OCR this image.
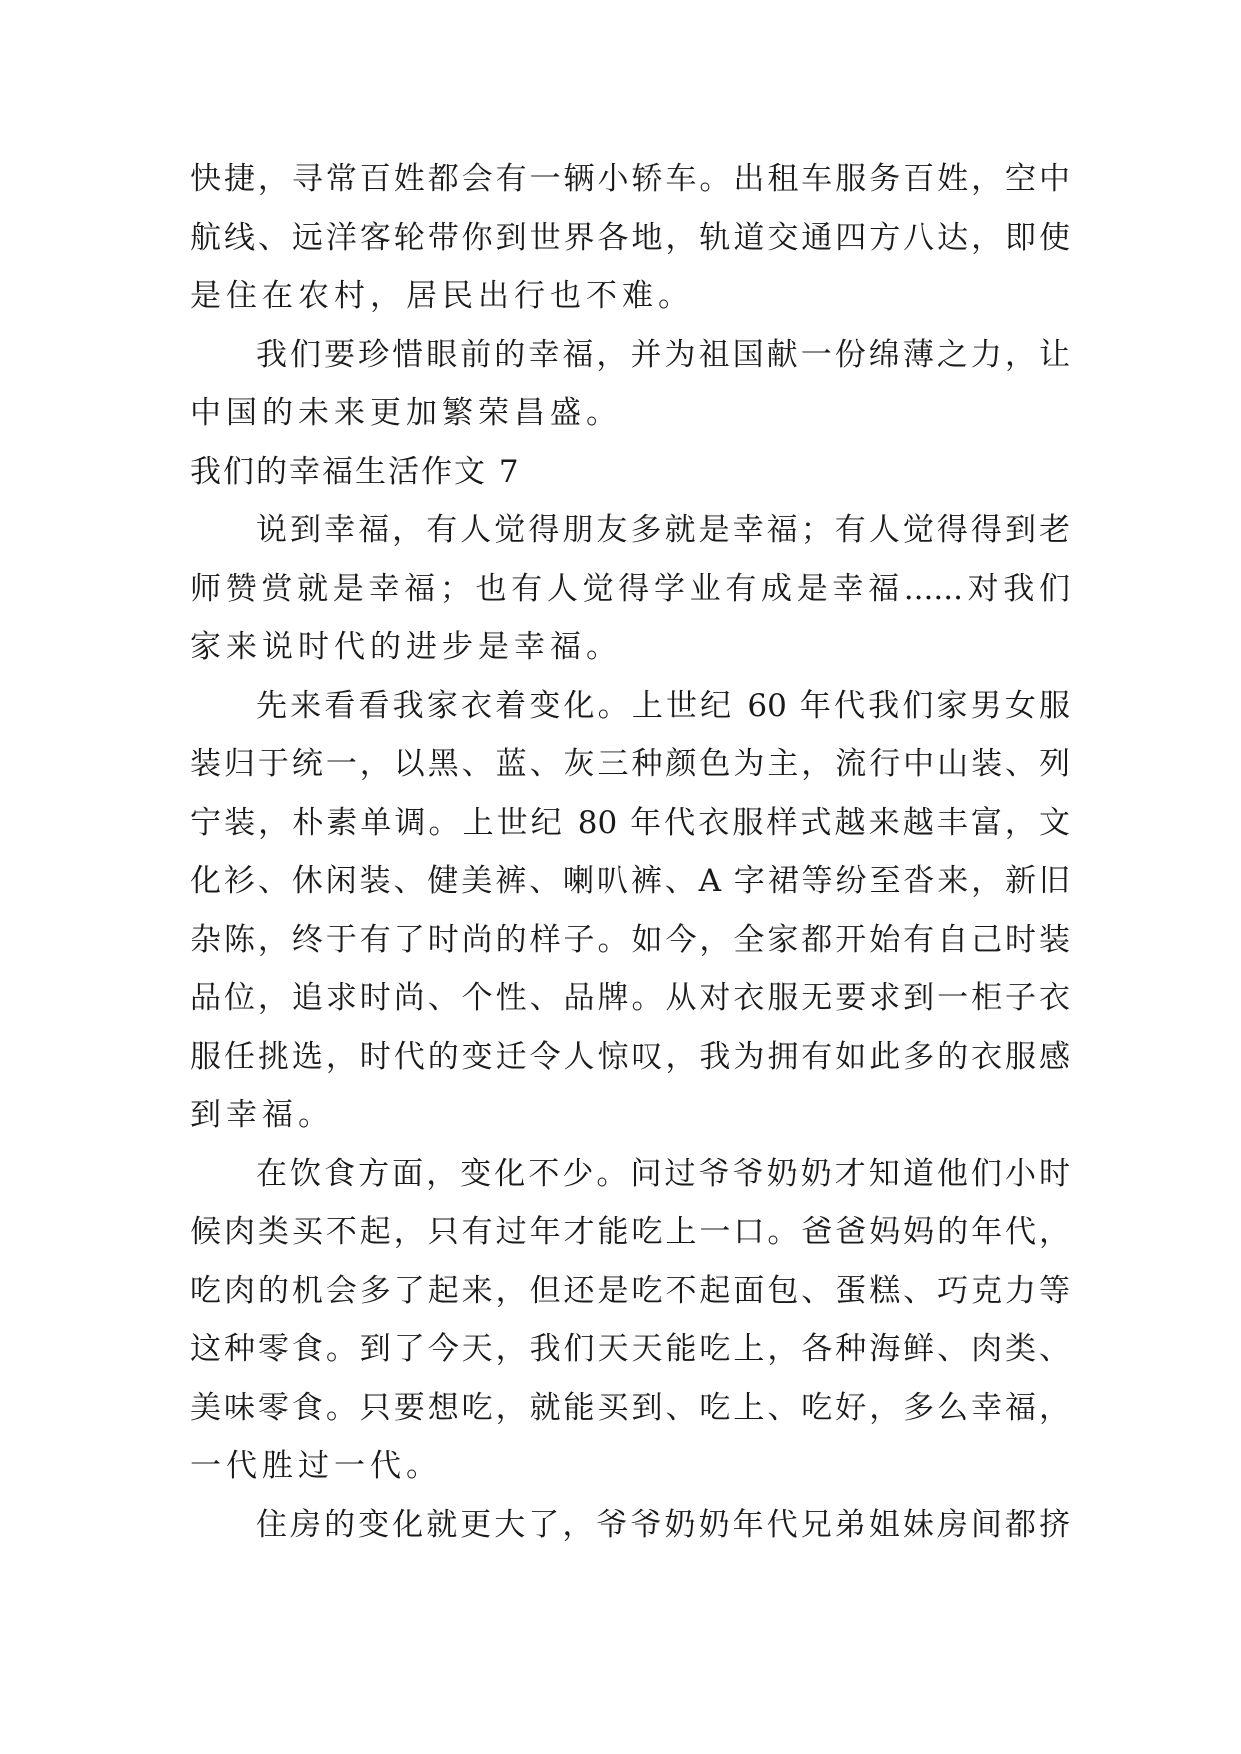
快捷，寻常百姓都会有一辆小轿车。出租车服务百姓，空中
航线、远洋客轮带你到世界各地，轨道交通四方八达，即使
是住在农村，居民出行也不难。
我们要珍惜眼前的幸福，并为祖国献一份绵薄之力，让
中国的未来更加繁荣昌盛。
我们的幸福生活作文 7
说到幸福，有人觉得朋友多就是幸福；有人觉得得到老
师赞赏就是幸福；也有人觉得学业有成是幸福......对我们
家来说时代的进步是幸福。
先来看看我家衣着变化。上世纪 60 年代我们家男女服
装归于统一，以黑、蓝、灰三种颜色为主，流行中山装、列
宁装，朴素单调。上世纪 80 年代衣服样式越来越丰富，文
化衫、休闲装、健美裤、喇叭裤、A 字裙等纷至沓来，新旧
杂陈，终于有了时尚的样子。如今，全家都开始有自己时装
品位，追求时尚、个性、品牌。从对衣服无要求到一柜子衣
服任挑选，时代的变迁令人惊叹，我为拥有如此多的衣服感
到幸福。
在饮食方面，变化不少。问过爷爷奶奶才知道他们小时
候肉类买不起，只有过年才能吃上一口。爸爸妈妈的年代，
吃肉的机会多了起来，但还是吃不起面包、蛋糕、巧克力等
这种零食。到了今天，我们天天能吃上，各种海鲜、肉类、
美味零食。只要想吃，就能买到、吃上、吃好，多么幸福，
一代胜过一代。
住房的变化就更大了，爷爷奶奶年代兄弟姐妹房间都挤
